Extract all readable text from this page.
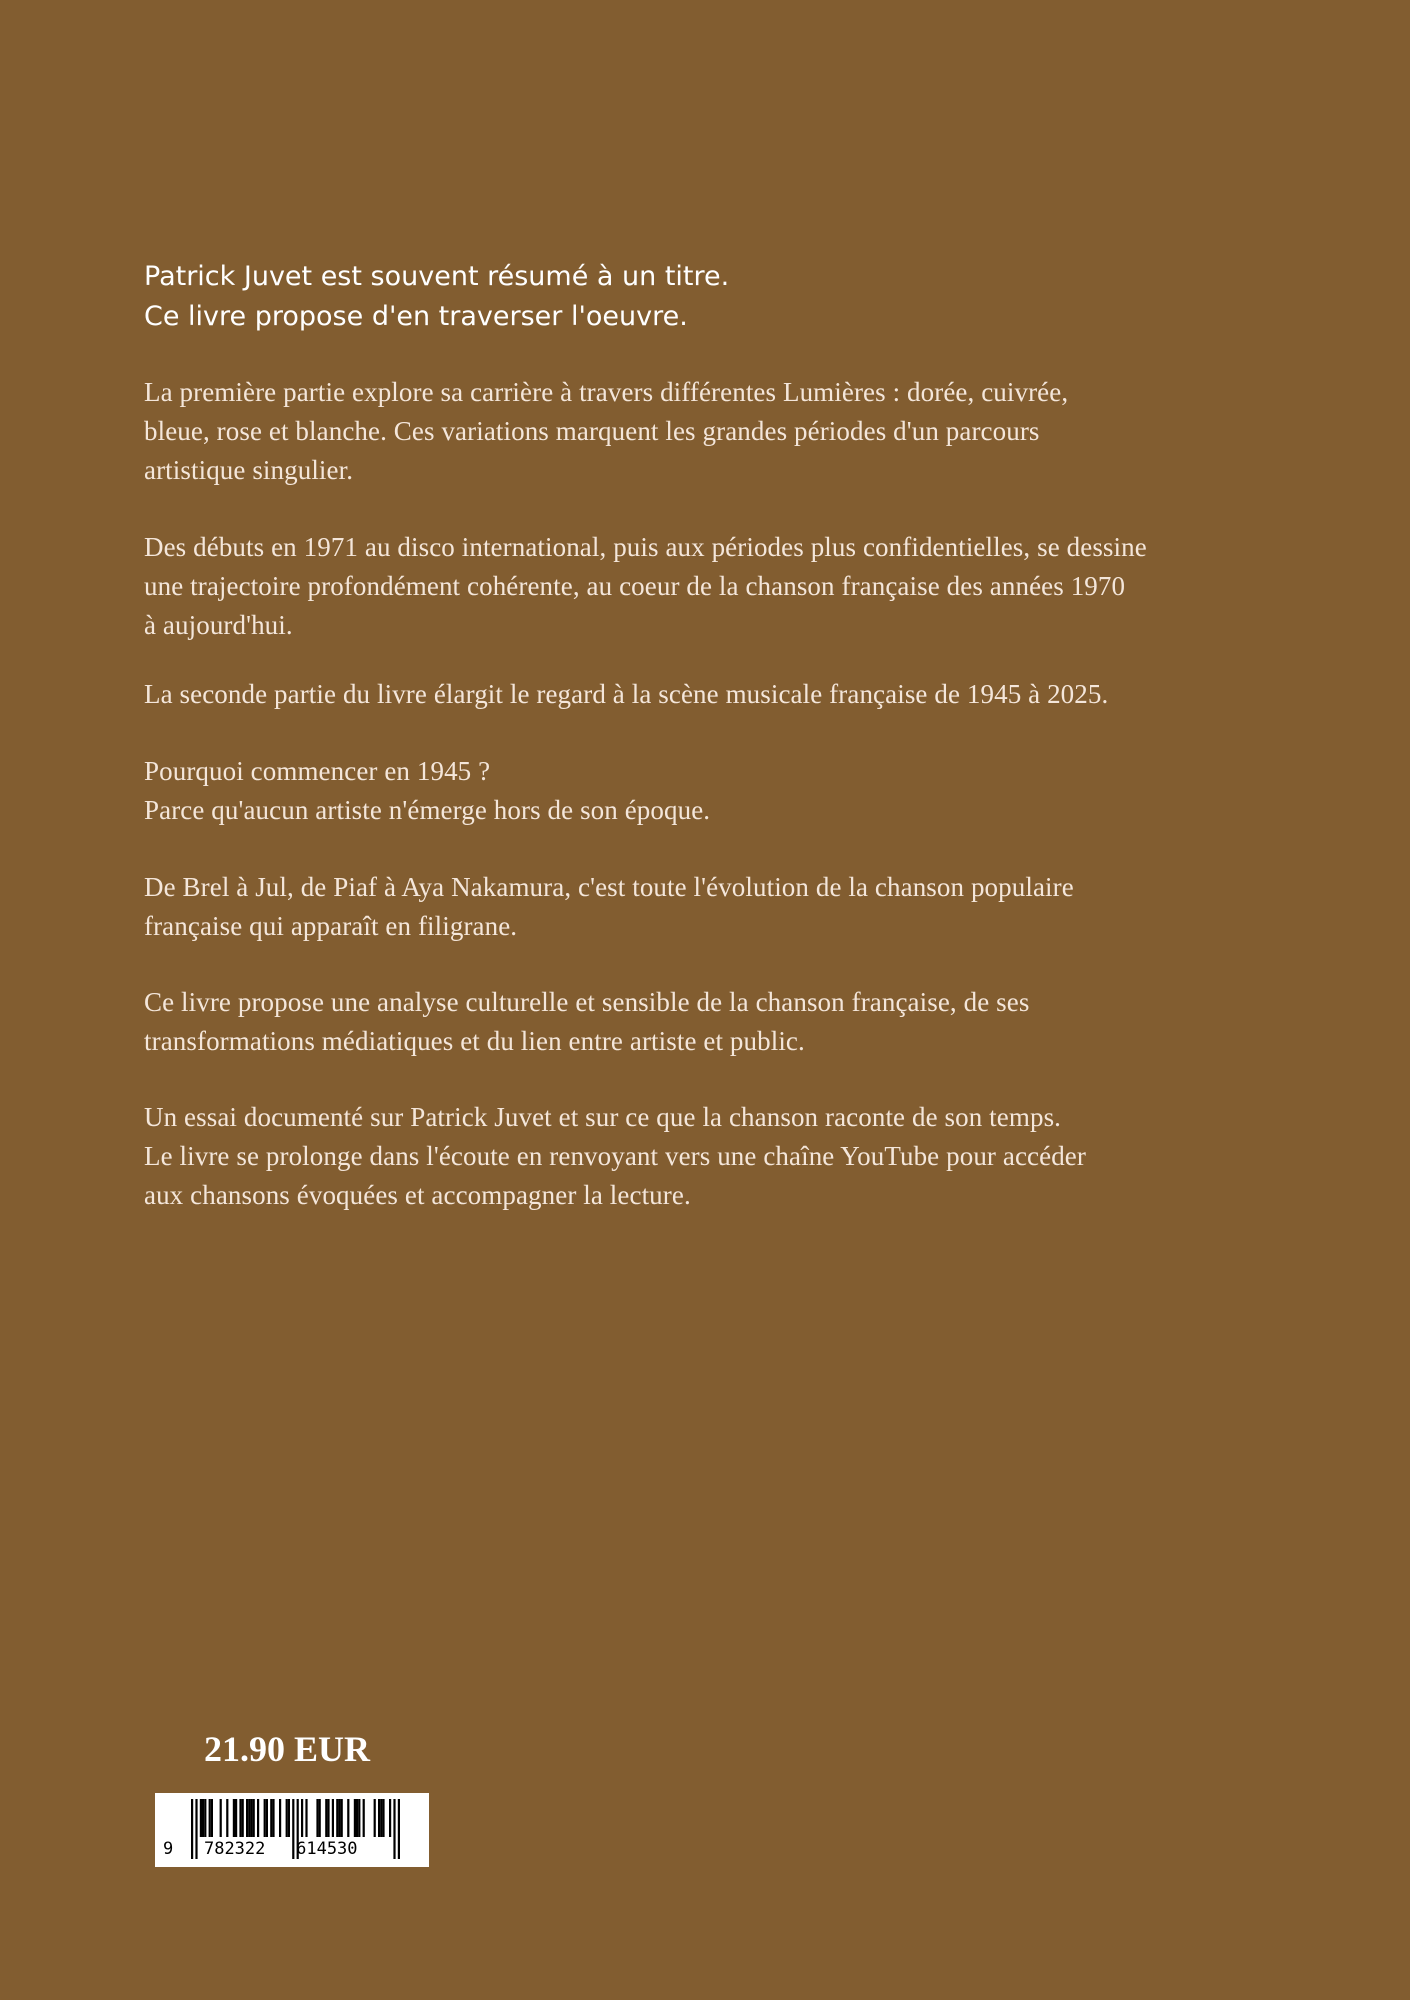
Patrick Juvet est souvent résumé à un titre.
Ce livre propose d'en traverser l'oeuvre.

La première partie explore sa carrière à travers différentes Lumières : dorée, cuivrée,
bleue, rose et blanche. Ces variations marquent les grandes périodes d'un parcours
artistique singulier.

Des débuts en 1971 au disco international, puis aux périodes plus confidentielles, se dessine
une trajectoire profondément cohérente, au coeur de la chanson française des années 1970
à aujourd'hui.

La seconde partie du livre élargit le regard à la scène musicale française de 1945 à 2025.

Pourquoi commencer en 1945 ?
Parce qu'aucun artiste n'émerge hors de son époque.

De Brel à Jul, de Piaf à Aya Nakamura, c'est toute l'évolution de la chanson populaire
française qui apparaît en filigrane.

Ce livre propose une analyse culturelle et sensible de la chanson française, de ses
transformations médiatiques et du lien entre artiste et public.

Un essai documenté sur Patrick Juvet et sur ce que la chanson raconte de son temps.
Le livre se prolonge dans l'écoute en renvoyant vers une chaîne YouTube pour accéder
aux chansons évoquées et accompagner la lecture.

21.90 EUR
9 782322 614530
